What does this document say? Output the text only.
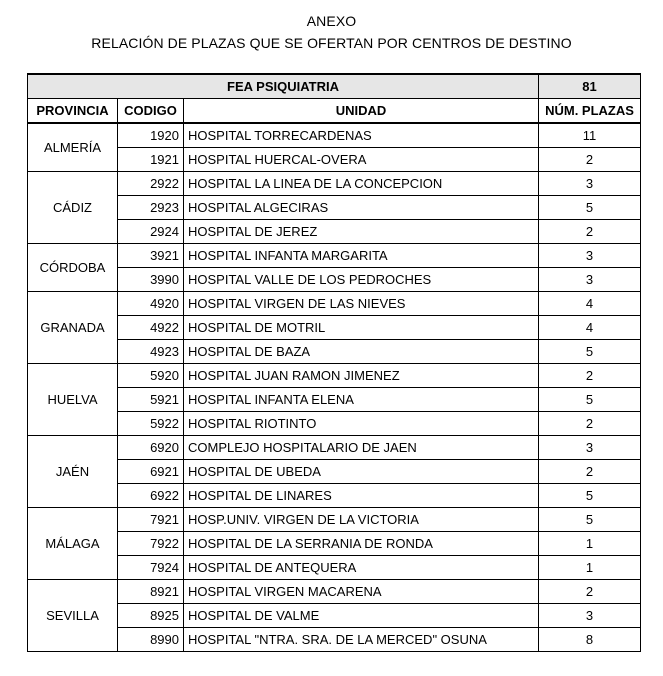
ANEXO
RELACIÓN DE PLAZAS QUE SE OFERTAN POR CENTROS DE DESTINO
FEA PSIQUIATRIA			81
PROVINCIA	CODIGO	UNIDAD	NÚM. PLAZAS
ALMERÍA	1920	HOSPITAL TORRECARDENAS	11
	1921	HOSPITAL HUERCAL-OVERA	2
CÁDIZ	2922	HOSPITAL LA LINEA DE LA CONCEPCION	3
	2923	HOSPITAL ALGECIRAS	5
	2924	HOSPITAL DE JEREZ	2
CÓRDOBA	3921	HOSPITAL INFANTA MARGARITA	3
	3990	HOSPITAL VALLE DE LOS PEDROCHES	3
GRANADA	4920	HOSPITAL VIRGEN DE LAS NIEVES	4
	4922	HOSPITAL DE MOTRIL	4
	4923	HOSPITAL DE BAZA	5
HUELVA	5920	HOSPITAL JUAN RAMON JIMENEZ	2
	5921	HOSPITAL INFANTA ELENA	5
	5922	HOSPITAL RIOTINTO	2
JAÉN	6920	COMPLEJO HOSPITALARIO DE JAEN	3
	6921	HOSPITAL DE UBEDA	2
	6922	HOSPITAL DE LINARES	5
MÁLAGA	7921	HOSP.UNIV. VIRGEN DE LA VICTORIA	5
	7922	HOSPITAL DE LA SERRANIA DE RONDA	1
	7924	HOSPITAL DE ANTEQUERA	1
SEVILLA	8921	HOSPITAL VIRGEN MACARENA	2
	8925	HOSPITAL DE VALME	3
	8990	HOSPITAL "NTRA. SRA. DE LA MERCED" OSUNA	8
